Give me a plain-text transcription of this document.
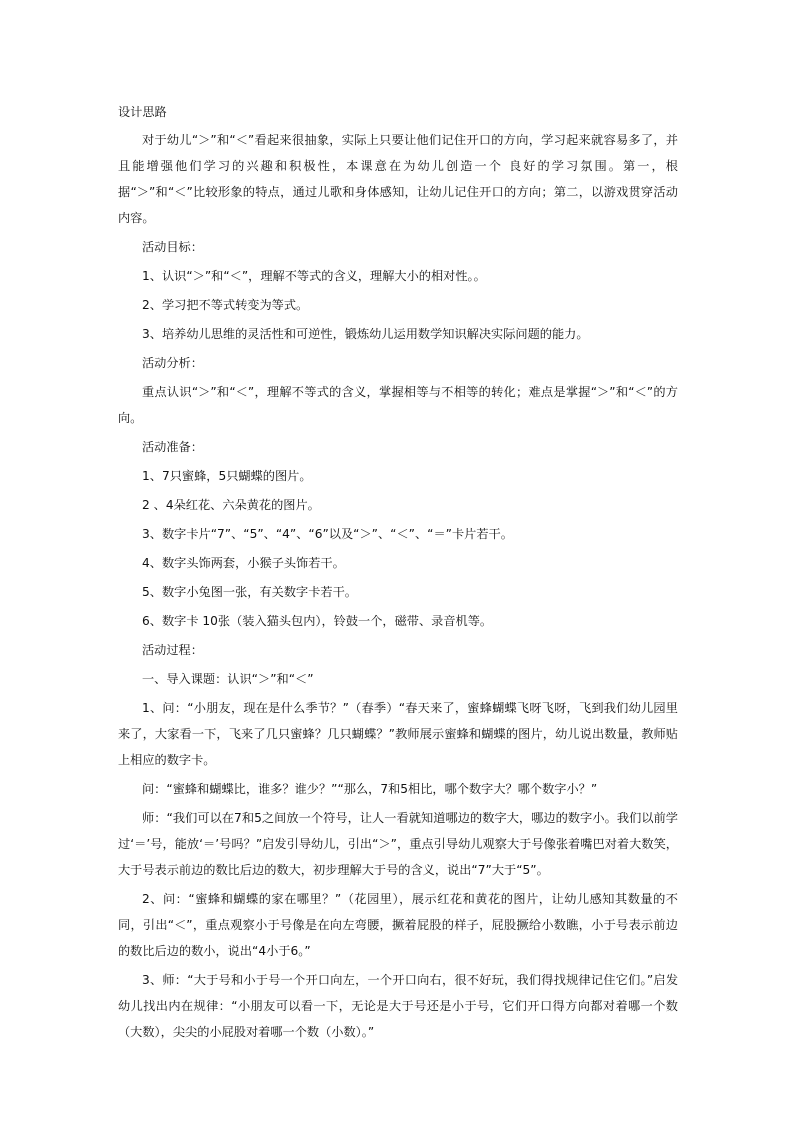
设计思路

对于幼儿“＞”和“＜”看起来很抽象，实际上只要让他们记住开口的方向，学习起来就容易多了，并且能增强他们学习的兴趣和积极性，本课意在为幼儿创造一个 良好的学习氛围。第一，根据“＞”和“＜”比较形象的特点，通过儿歌和身体感知，让幼儿记住开口的方向；第二，以游戏贯穿活动内容。

活动目标：

1、认识“＞”和“＜”，理解不等式的含义，理解大小的相对性。。

2、学习把不等式转变为等式。

3、培养幼儿思维的灵活性和可逆性，锻炼幼儿运用数学知识解决实际问题的能力。

活动分析：

重点认识“＞”和“＜”，理解不等式的含义，掌握相等与不相等的转化；难点是掌握“＞”和“＜”的方向。

活动准备：

1、7只蜜蜂，5只蝴蝶的图片。

2 、4朵红花、六朵黄花的图片。

3、数字卡片“7”、“5”、“4”、“6”以及“＞”、“＜”、“＝”卡片若干。

4、数字头饰两套，小猴子头饰若干。

5、数字小兔图一张，有关数字卡若干。

6、数字卡 10张（装入猫头包内），铃鼓一个，磁带、录音机等。

活动过程：

一、导入课题：认识“＞”和“＜”

1、问：“小朋友，现在是什么季节？”（春季）“春天来了，蜜蜂蝴蝶飞呀飞呀，飞到我们幼儿园里来了，大家看一下，飞来了几只蜜蜂？几只蝴蝶？”教师展示蜜蜂和蝴蝶的图片，幼儿说出数量，教师贴上相应的数字卡。

问：“蜜蜂和蝴蝶比，谁多？谁少？”“那么，7和5相比，哪个数字大？哪个数字小？”

师：“我们可以在7和5之间放一个符号，让人一看就知道哪边的数字大，哪边的数字小。我们以前学过‘＝’号，能放‘＝’号吗？”启发引导幼儿，引出“＞”，重点引导幼儿观察大于号像张着嘴巴对着大数笑，大于号表示前边的数比后边的数大，初步理解大于号的含义，说出“7”大于“5”。

2、问：“蜜蜂和蝴蝶的家在哪里？”（花园里），展示红花和黄花的图片，让幼儿感知其数量的不同，引出“＜”，重点观察小于号像是在向左弯腰，撅着屁股的样子，屁股撅给小数瞧，小于号表示前边的数比后边的数小，说出“4小于6。”

3、师：“大于号和小于号一个开口向左，一个开口向右，很不好玩，我们得找规律记住它们。”启发幼儿找出内在规律：“小朋友可以看一下，无论是大于号还是小于号，它们开口得方向都对着哪一个数（大数），尖尖的小屁股对着哪一个数（小数）。”
